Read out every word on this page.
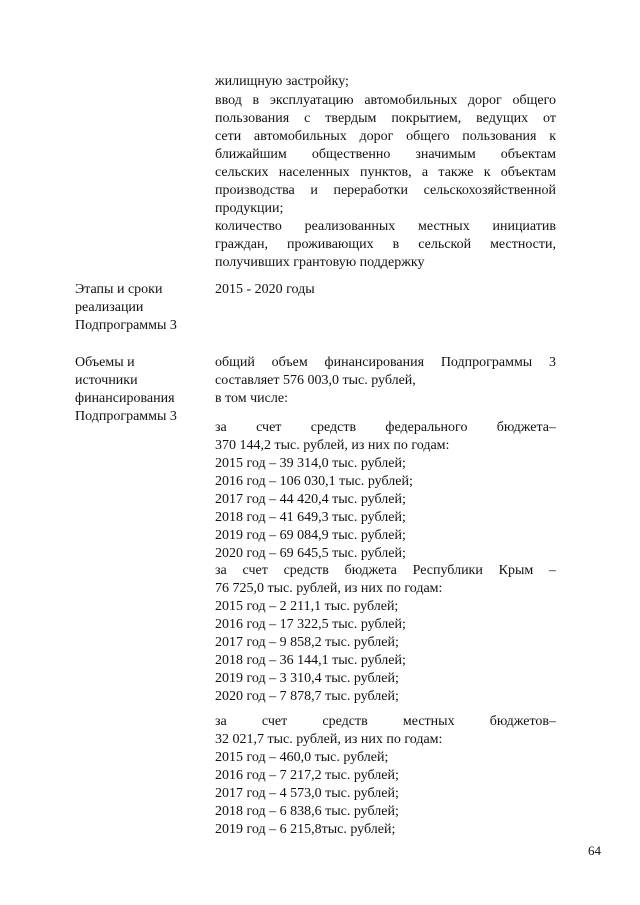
жилищную застройку;
ввод в эксплуатацию автомобильных дорог общего
пользования с твердым покрытием, ведущих от
сети автомобильных дорог общего пользования к
ближайшим общественно значимым объектам
сельских населенных пунктов, а также к объектам
производства и переработки сельскохозяйственной
продукции;
количество реализованных местных инициатив
граждан, проживающих в сельской местности,
получивших грантовую поддержку
Этапы и сроки
реализации
Подпрограммы 3
2015 - 2020 годы
Объемы и
источники
финансирования
Подпрограммы 3
общий объем финансирования Подпрограммы 3
составляет 576 003,0 тыс. рублей,
в том числе:
за счет средств федерального бюджета–
370 144,2 тыс. рублей, из них по годам:
2015 год – 39 314,0 тыс. рублей;
2016 год – 106 030,1 тыс. рублей;
2017 год – 44 420,4 тыс. рублей;
2018 год – 41 649,3 тыс. рублей;
2019 год – 69 084,9 тыс. рублей;
2020 год – 69 645,5 тыс. рублей;
за счет средств бюджета Республики Крым –
76 725,0 тыс. рублей, из них по годам:
2015 год – 2 211,1 тыс. рублей;
2016 год – 17 322,5 тыс. рублей;
2017 год – 9 858,2 тыс. рублей;
2018 год – 36 144,1 тыс. рублей;
2019 год – 3 310,4 тыс. рублей;
2020 год – 7 878,7 тыс. рублей;
за счет средств местных бюджетов–
32 021,7 тыс. рублей, из них по годам:
2015 год – 460,0 тыс. рублей;
2016 год – 7 217,2 тыс. рублей;
2017 год – 4 573,0 тыс. рублей;
2018 год – 6 838,6 тыс. рублей;
2019 год – 6 215,8тыс. рублей;
64
